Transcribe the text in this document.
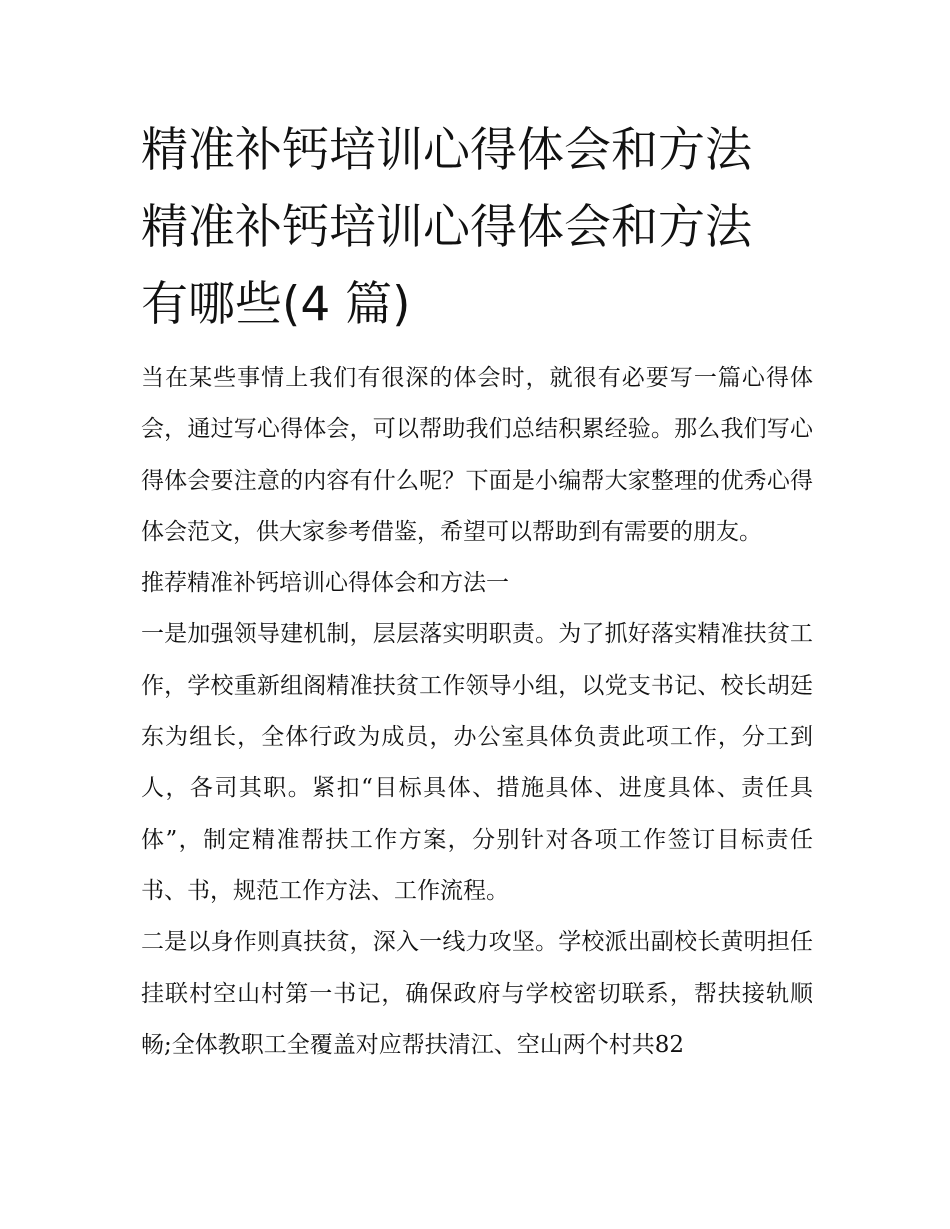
精准补钙培训心得体会和方法
精准补钙培训心得体会和方法
有哪些(4 篇)

当在某些事情上我们有很深的体会时，就很有必要写一篇心得体会，通过写心得体会，可以帮助我们总结积累经验。那么我们写心得体会要注意的内容有什么呢？下面是小编帮大家整理的优秀心得体会范文，供大家参考借鉴，希望可以帮助到有需要的朋友。

推荐精准补钙培训心得体会和方法一

一是加强领导建机制，层层落实明职责。为了抓好落实精准扶贫工作，学校重新组阁精准扶贫工作领导小组，以党支书记、校长胡廷东为组长，全体行政为成员，办公室具体负责此项工作，分工到人，各司其职。紧扣“目标具体、措施具体、进度具体、责任具体”，制定精准帮扶工作方案，分别针对各项工作签订目标责任书、书，规范工作方法、工作流程。

二是以身作则真扶贫，深入一线力攻坚。学校派出副校长黄明担任挂联村空山村第一书记，确保政府与学校密切联系，帮扶接轨顺畅;全体教职工全覆盖对应帮扶清江、空山两个村共82
